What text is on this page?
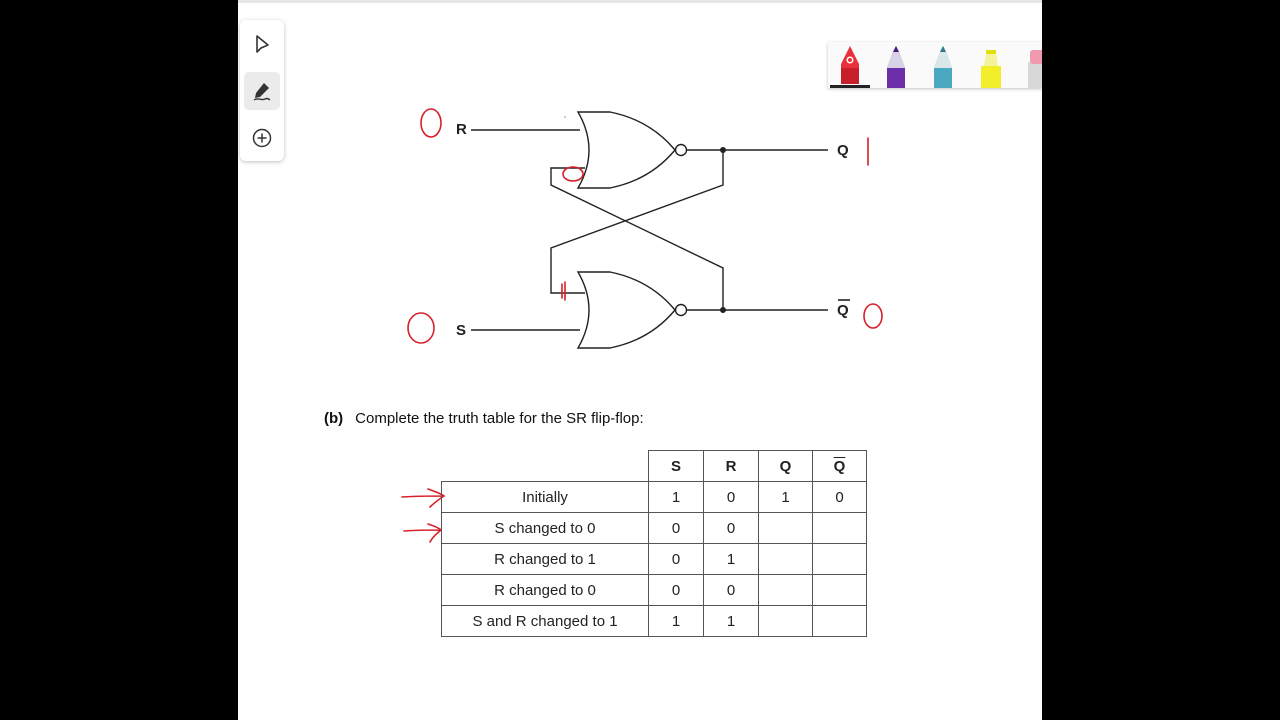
R
S
Q
Q
(b) Complete the truth table for the SR flip-flop:
	S	R	Q	$\overline{Q}$
Initially	1	0	1	0
S changed to 0	0	0		
R changed to 1	0	1		
R changed to 0	0	0		
S and R changed to 1	1	1		
